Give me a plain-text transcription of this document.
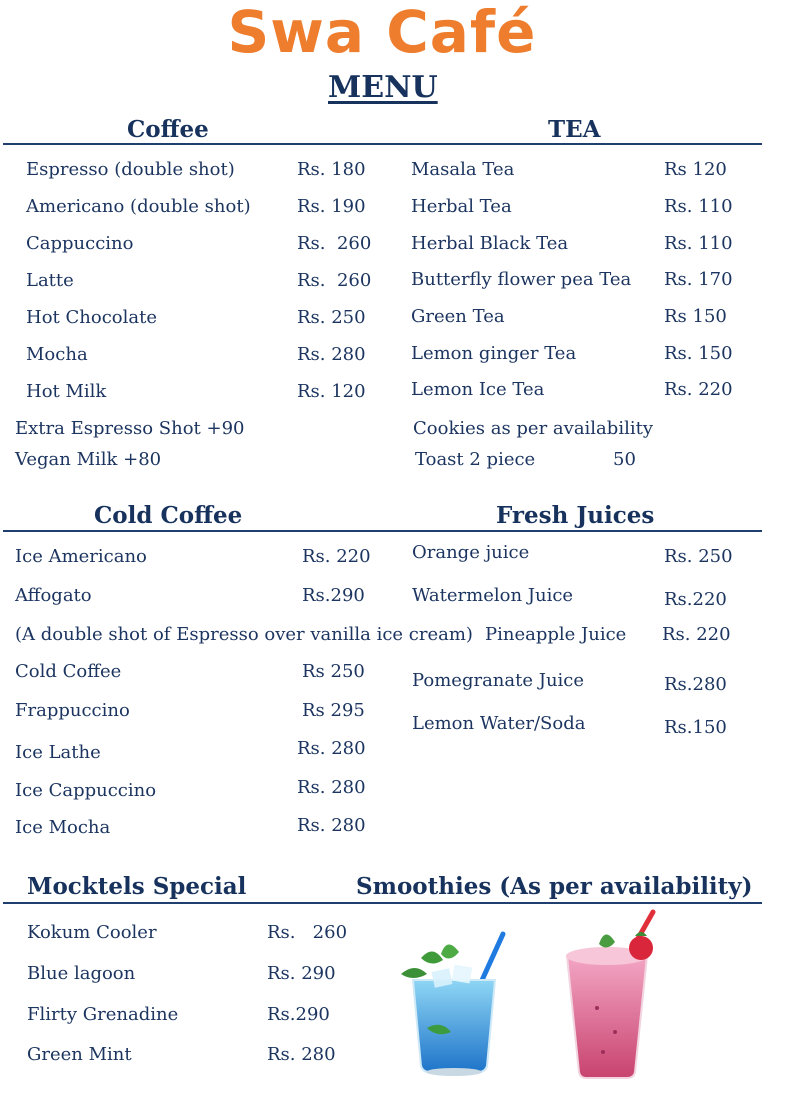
Swa Café
MENU
Coffee	TEA
Espresso (double shot)	Rs. 180
Americano (double shot)	Rs. 190
Cappuccino	Rs.  260
Latte	Rs.  260
Hot Chocolate	Rs. 250
Mocha	Rs. 280
Hot Milk	Rs. 120
Extra Espresso Shot +90
Vegan Milk +80
Masala Tea	Rs 120
Herbal Tea	Rs. 110
Herbal Black Tea	Rs. 110
Butterfly flower pea Tea Rs. 170
Green Tea	Rs 150
Lemon ginger Tea	Rs. 150
Lemon Ice Tea	Rs. 220
Cookies as per availability
Toast 2 piece	50
Cold Coffee	Fresh Juices
Ice Americano	Rs. 220
Affogato	Rs.290
(A double shot of Espresso over vanilla ice cream)
Cold Coffee	Rs 250
Frappuccino	Rs 295
Ice Lathe	Rs. 280
Ice Cappuccino	Rs. 280
Ice Mocha	Rs. 280
Orange juice	Rs. 250
Watermelon Juice	Rs.220
Pineapple Juice Rs. 220
Pomegranate Juice	Rs.280
Lemon Water/Soda	Rs.150
Mocktels Special	Smoothies (As per availability)
Kokum Cooler	Rs.   260
Blue lagoon	Rs. 290
Flirty Grenadine	Rs.290
Green Mint	Rs. 280
